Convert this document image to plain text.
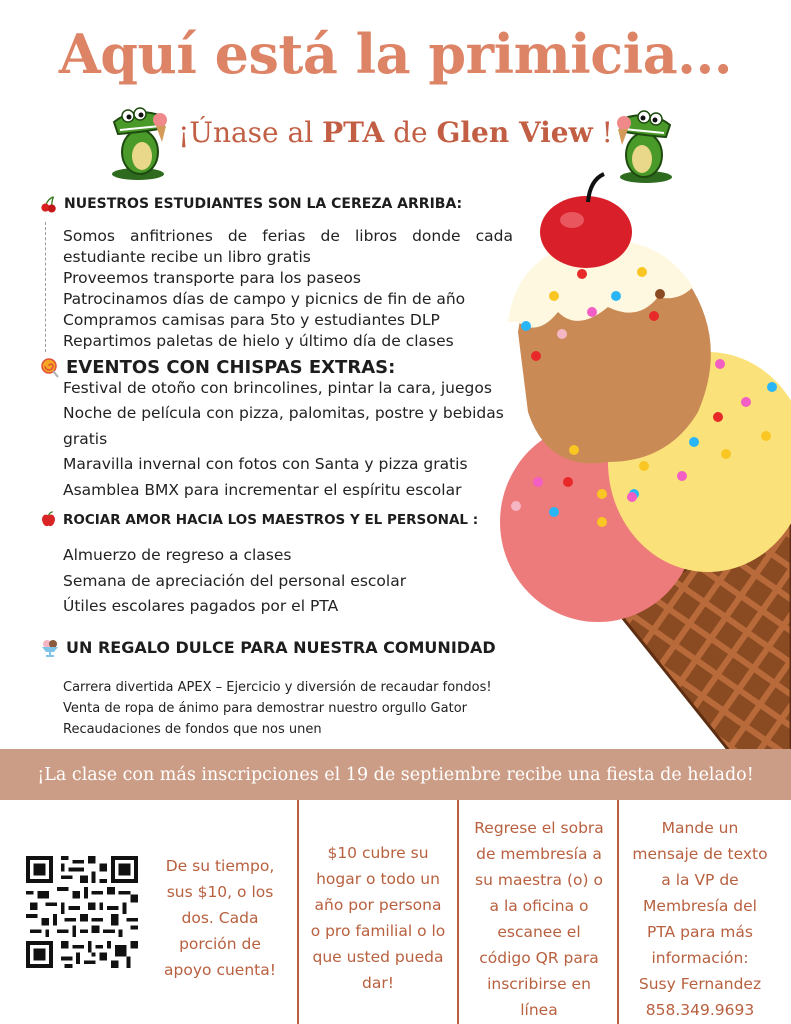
Aquí está la primicia...
¡Únase al PTA de Glen View !
NUESTROS ESTUDIANTES SON LA CEREZA ARRIBA:
Somos anfitriones de ferias de libros donde cada estudiante recibe un libro gratis
Proveemos transporte para los paseos
Patrocinamos días de campo y picnics de fin de año
Compramos camisas para 5to y estudiantes DLP
Repartimos paletas de hielo y último día de clases
EVENTOS CON CHISPAS EXTRAS:
Festival de otoño con brincolines, pintar la cara, juegos
Noche de película con pizza, palomitas, postre y bebidas gratis
Maravilla invernal con fotos con Santa y pizza gratis
Asamblea BMX para incrementar el espíritu escolar
ROCIAR AMOR HACIA LOS MAESTROS Y EL PERSONAL :
Almuerzo de regreso a clases
Semana de apreciación del personal escolar
Útiles escolares pagados por el PTA
UN REGALO DULCE PARA NUESTRA COMUNIDAD
Carrera divertida APEX – Ejercicio y diversión de recaudar fondos!
Venta de ropa de ánimo para demostrar nuestro orgullo Gator
Recaudaciones de fondos que nos unen
¡La clase con más inscripciones el 19 de septiembre recibe una fiesta de helado!
De su tiempo,
sus $10, o los
dos. Cada
porción de
apoyo cuenta!
$10 cubre su
hogar o todo un
año por persona
o pro familial o lo
que usted pueda
dar!
Regrese el sobra
de membresía a
su maestra (o) o
a la oficina o
escanee el
código QR para
inscribirse en
línea
Mande un
mensaje de texto
a la VP de
Membresía del
PTA para más
información:
Susy Fernandez
858.349.9693
